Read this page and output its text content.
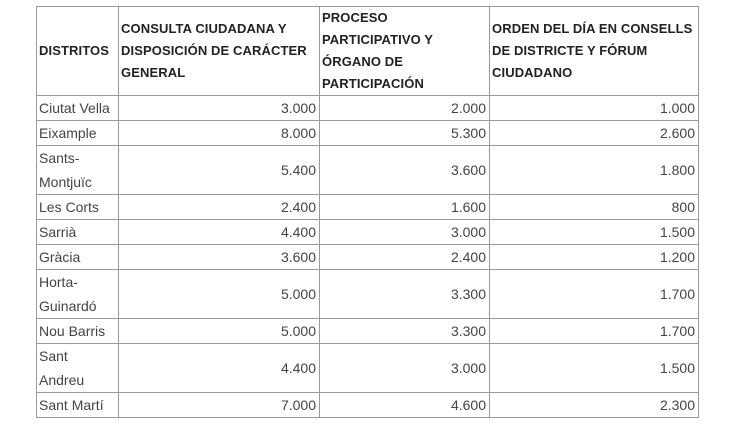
DISTRITOS	CONSULTA CIUDADANA Y DISPOSICIÓN DE CARÁCTER GENERAL	PROCESO PARTICIPATIVO Y ÓRGANO DE PARTICIPACIÓN	ORDEN DEL DÍA EN CONSELLS DE DISTRICTE Y FÓRUM CIUDADANO
Ciutat Vella	3.000	2.000	1.000
Eixample	8.000	5.300	2.600
Sants-Montjuïc	5.400	3.600	1.800
Les Corts	2.400	1.600	800
Sarrià	4.400	3.000	1.500
Gràcia	3.600	2.400	1.200
Horta-Guinardó	5.000	3.300	1.700
Nou Barris	5.000	3.300	1.700
Sant Andreu	4.400	3.000	1.500
Sant Martí	7.000	4.600	2.300
